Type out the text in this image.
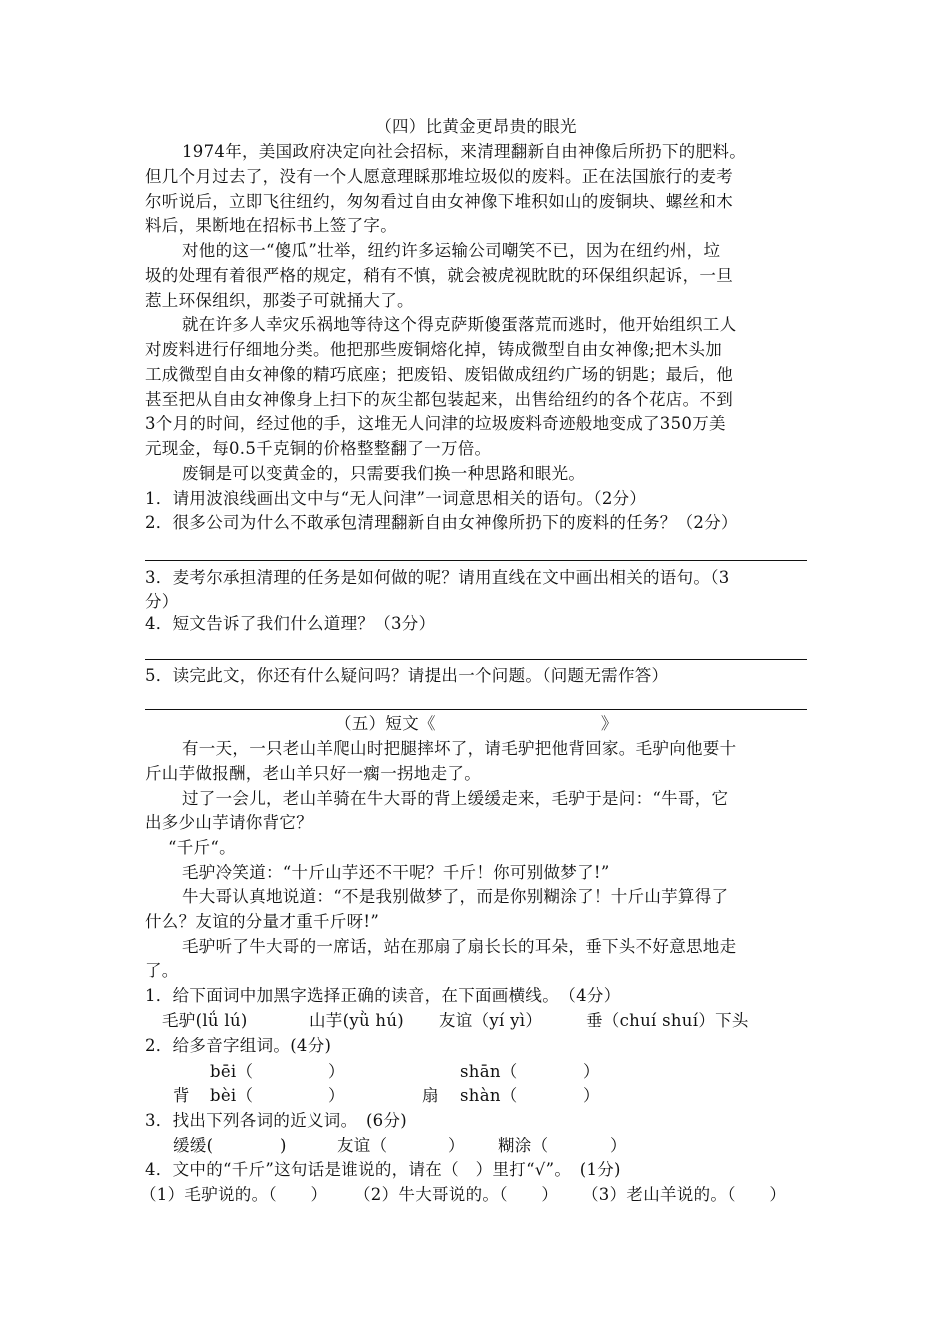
（四）比黄金更昂贵的眼光
1974年，美国政府决定向社会招标，来清理翻新自由神像后所扔下的肥料。
但几个月过去了，没有一个人愿意理睬那堆垃圾似的废料。正在法国旅行的麦考
尔听说后，立即飞往纽约，匆匆看过自由女神像下堆积如山的废铜块、螺丝和木
料后，果断地在招标书上签了字。
对他的这一“傻瓜”壮举，纽约许多运输公司嘲笑不已，因为在纽约州，垃
圾的处理有着很严格的规定，稍有不慎，就会被虎视眈眈的环保组织起诉，一旦
惹上环保组织，那娄子可就捅大了。
就在许多人幸灾乐祸地等待这个得克萨斯傻蛋落荒而逃时，他开始组织工人
对废料进行仔细地分类。他把那些废铜熔化掉，铸成微型自由女神像;把木头加
工成微型自由女神像的精巧底座；把废铅、废铝做成纽约广场的钥匙；最后，他
甚至把从自由女神像身上扫下的灰尘都包装起来，出售给纽约的各个花店。不到
3个月的时间，经过他的手，这堆无人问津的垃圾废料奇迹般地变成了350万美
元现金，每0.5千克铜的价格整整翻了一万倍。
废铜是可以变黄金的，只需要我们换一种思路和眼光。
1．请用波浪线画出文中与“无人问津”一词意思相关的语句。（2分）
2．很多公司为什么不敢承包清理翻新自由女神像所扔下的废料的任务？（2分）
3．麦考尔承担清理的任务是如何做的呢？请用直线在文中画出相关的语句。（3
分）
4．短文告诉了我们什么道理？（3分）
5．读完此文，你还有什么疑问吗？请提出一个问题。（问题无需作答）
（五）短文《	》
有一天，一只老山羊爬山时把腿摔坏了，请毛驴把他背回家。毛驴向他要十
斤山芋做报酬，老山羊只好一瘸一拐地走了。
过了一会儿，老山羊骑在牛大哥的背上缓缓走来，毛驴于是问：“牛哥，它
出多少山芋请你背它？
“千斤“。
毛驴冷笑道：“十斤山芋还不干呢？千斤！你可别做梦了!”
牛大哥认真地说道：“不是我别做梦了，而是你别糊涂了！十斤山芋算得了
什么？友谊的分量才重千斤呀!”
毛驴听了牛大哥的一席话，站在那扇了扇长长的耳朵，垂下头不好意思地走
了。
1．给下面词中加黑字选择正确的读音，在下面画横线。　（4分）
毛驴(lǘ lú)	山芋(yǜ hú) 友谊（yí yì）	垂（chuí shuí）下头
2．给多音字组词。(4分)
bēi（	）	shān（	）
背 bèi（	）	扇 shàn（	）
3．找出下列各词的近义词。　(6分)
缓缓(	)	友谊（	） 糊涂（	）
4．文中的“千斤”这句话是谁说的，请在（　）里打“√”。　(1分)
（1）毛驴说的。（　　） （2）牛大哥说的。（　　） （3）老山羊说的。（　　）
